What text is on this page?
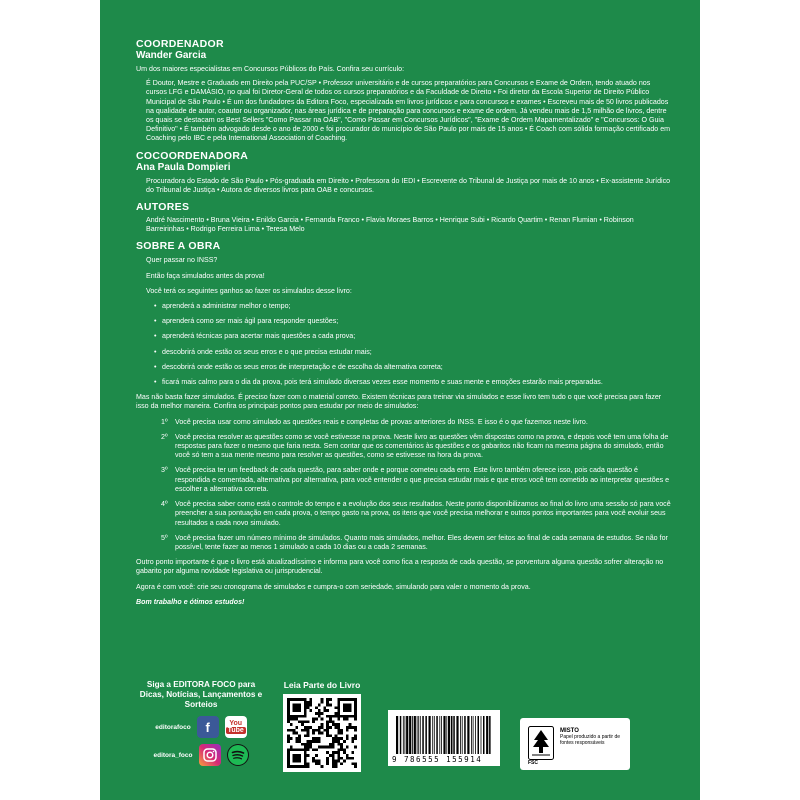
COORDENADOR
Wander Garcia

Um dos maiores especialistas em Concursos Públicos do País. Confira seu currículo:

É Doutor, Mestre e Graduado em Direito pela PUC/SP • Professor universitário e de cursos preparatórios para Concursos e Exame de Ordem, tendo atuado nos cursos LFG e DAMÁSIO, no qual foi Diretor-Geral de todos os cursos preparatórios e da Faculdade de Direito • Foi diretor da Escola Superior de Direito Público Municipal de São Paulo • É um dos fundadores da Editora Foco, especializada em livros jurídicos e para concursos e exames • Escreveu mais de 50 livros publicados na qualidade de autor, coautor ou organizador, nas áreas jurídica e de preparação para concursos e exame de ordem. Já vendeu mais de 1,5 milhão de livros, dentre os quais se destacam os Best Sellers "Como Passar na OAB", "Como Passar em Concursos Jurídicos", "Exame de Ordem Mapamentalizado" e "Concursos: O Guia Definitivo" • É também advogado desde o ano de 2000 e foi procurador do município de São Paulo por mais de 15 anos • É Coach com sólida formação certificado em Coaching pelo IBC e pela International Association of Coaching.

COCOORDENADORA
Ana Paula Dompieri

Procuradora do Estado de São Paulo • Pós-graduada em Direito • Professora do IEDI • Escrevente do Tribunal de Justiça por mais de 10 anos • Ex-assistente Jurídico do Tribunal de Justiça • Autora de diversos livros para OAB e concursos.

AUTORES

André Nascimento • Bruna Vieira • Enildo Garcia • Fernanda Franco • Flavia Moraes Barros • Henrique Subi • Ricardo Quartim • Renan Flumian • Robinson Barreirinhas • Rodrigo Ferreira Lima • Teresa Melo

SOBRE A OBRA

Quer passar no INSS?

Então faça simulados antes da prova!

Você terá os seguintes ganhos ao fazer os simulados desse livro:

• aprenderá a administrar melhor o tempo;
• aprenderá como ser mais ágil para responder questões;
• aprenderá técnicas para acertar mais questões a cada prova;
• descobrirá onde estão os seus erros e o que precisa estudar mais;
• descobrirá onde estão os seus erros de interpretação e de escolha da alternativa correta;
• ficará mais calmo para o dia da prova, pois terá simulado diversas vezes esse momento e suas mente e emoções estarão mais preparadas.

Mas não basta fazer simulados. É preciso fazer com o material correto. Existem técnicas para treinar via simulados e esse livro tem tudo o que você precisa para fazer isso da melhor maneira. Confira os principais pontos para estudar por meio de simulados:

1º Você precisa usar como simulado as questões reais e completas de provas anteriores do INSS. E isso é o que fazemos neste livro.
2º Você precisa resolver as questões como se você estivesse na prova. Neste livro as questões vêm dispostas como na prova, e depois você tem uma folha de respostas para fazer o mesmo que faria nesta. Sem contar que os comentários às questões e os gabaritos não ficam na mesma página do simulado, então você só tem a sua mente mesmo para resolver as questões, como se estivesse na hora da prova.
3º Você precisa ter um feedback de cada questão, para saber onde e porque cometeu cada erro. Este livro também oferece isso, pois cada questão é respondida e comentada, alternativa por alternativa, para você entender o que precisa estudar mais e que erros você tem cometido ao interpretar questões e escolher a alternativa correta.
4º Você precisa saber como está o controle do tempo e a evolução dos seus resultados. Neste ponto disponibilizamos ao final do livro uma sessão só para você preencher a sua pontuação em cada prova, o tempo gasto na prova, os itens que você precisa melhorar e outros pontos importantes para você evoluir seus resultados a cada novo simulado.
5º Você precisa fazer um número mínimo de simulados. Quanto mais simulados, melhor. Eles devem ser feitos ao final de cada semana de estudos. Se não for possível, tente fazer ao menos 1 simulado a cada 10 dias ou a cada 2 semanas.

Outro ponto importante é que o livro está atualizadíssimo e informa para você como fica a resposta de cada questão, se porventura alguma questão sofrer alteração no gabarito por alguma novidade legislativa ou jurisprudencial.

Agora é com você: crie seu cronograma de simulados e cumpra-o com seriedade, simulando para valer o momento da prova.

Bom trabalho e ótimos estudos!

Siga a EDITORA FOCO para Dicas, Notícias, Lançamentos e Sorteios
editorafoco	f	You
Tube
editora_foco
Leia Parte do Livro
9 786555 155914	FSC
MISTO
Papel produzido a partir de fontes responsáveis
